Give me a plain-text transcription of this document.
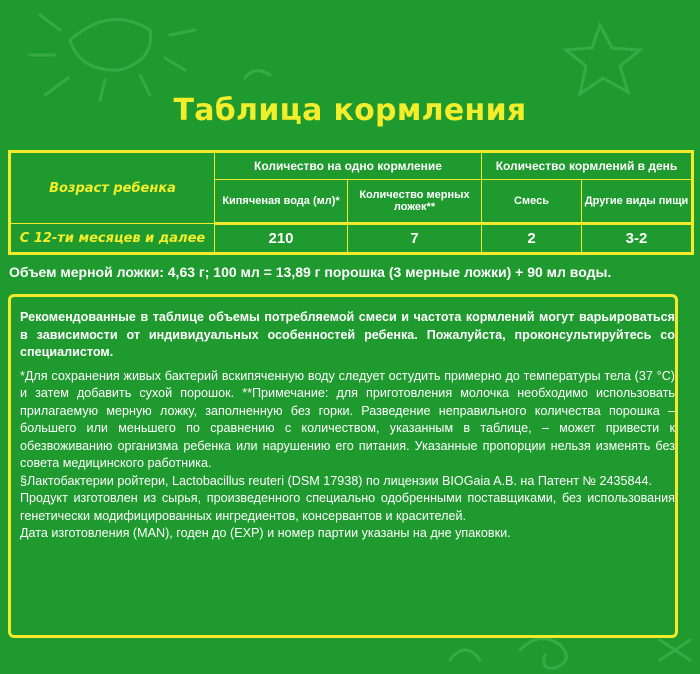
Таблица кормления
Возраст ребенка	Количество на одно кормление		Количество кормлений в день	
	Кипяченая вода (мл)*	Количество мерных ложек**	Смесь	Другие виды пищи
С 12-ти месяцев и далее	210	7	2	3-2
Объем мерной ложки: 4,63 г; 100 мл = 13,89 г порошка (3 мерные ложки) + 90 мл воды.

Рекомендованные в таблице объемы потребляемой смеси и частота кормлений могут варьироваться в зависимости от индивидуальных особенностей ребенка. Пожалуйста, проконсультируйтесь со специалистом.

*Для сохранения живых бактерий вскипяченную воду следует остудить примерно до температуры тела (37 °С) и затем добавить сухой порошок. **Примечание: для приготовления молочка необходимо использовать прилагаемую мерную ложку, заполненную без горки. Разведение неправильного количества порошка – большего или меньшего по сравнению с количеством, указанным в таблице, – может привести к обезвоживанию организма ребенка или нарушению его питания. Указанные пропорции нельзя изменять без совета медицинского работника.

§Лактобактерии ройтери, Lactobacillus reuteri (DSM 17938) по лицензии BIOGaia A.B. на Патент № 2435844.

Продукт изготовлен из сырья, произведенного специально одобренными поставщиками, без использования генетически модифицированных ингредиентов, консервантов и красителей.

Дата изготовления (MAN), годен до (EXP) и номер партии указаны на дне упаковки.
